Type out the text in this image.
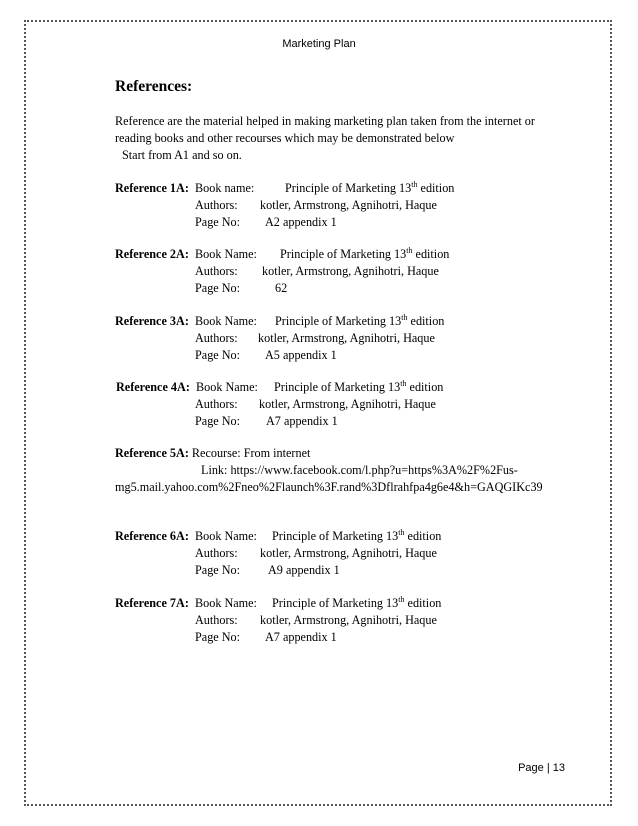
Marketing Plan
References:
Reference are the material helped in making marketing plan taken from the internet or
reading books and other recourses which may be demonstrated below
Start from A1 and so on.
Reference 1A: Book name:	Principle of Marketing 13th edition
Authors: kotler, Armstrong, Agnihotri, Haque
Page No: A2 appendix 1
Reference 2A: Book Name: Principle of Marketing 13th edition
Authors: kotler, Armstrong, Agnihotri, Haque
Page No:	62
Reference 3A: Book Name: Principle of Marketing 13th edition
Authors: kotler, Armstrong, Agnihotri, Haque
Page No: A5 appendix 1
Reference 4A: Book Name: Principle of Marketing 13th edition
Authors: kotler, Armstrong, Agnihotri, Haque
Page No: A7 appendix 1
Reference 5A: Recourse: From internet
Link: https://www.facebook.com/l.php?u=https%3A%2F%2Fus-
mg5.mail.yahoo.com%2Fneo%2Flaunch%3F.rand%3Dflrahfpa4g6e4&h=GAQGIKc39
Reference 6A: Book Name: Principle of Marketing 13th edition
Authors: kotler, Armstrong, Agnihotri, Haque
Page No: A9 appendix 1
Reference 7A: Book Name: Principle of Marketing 13th edition
Authors: kotler, Armstrong, Agnihotri, Haque
Page No: A7 appendix 1
Page | 13
